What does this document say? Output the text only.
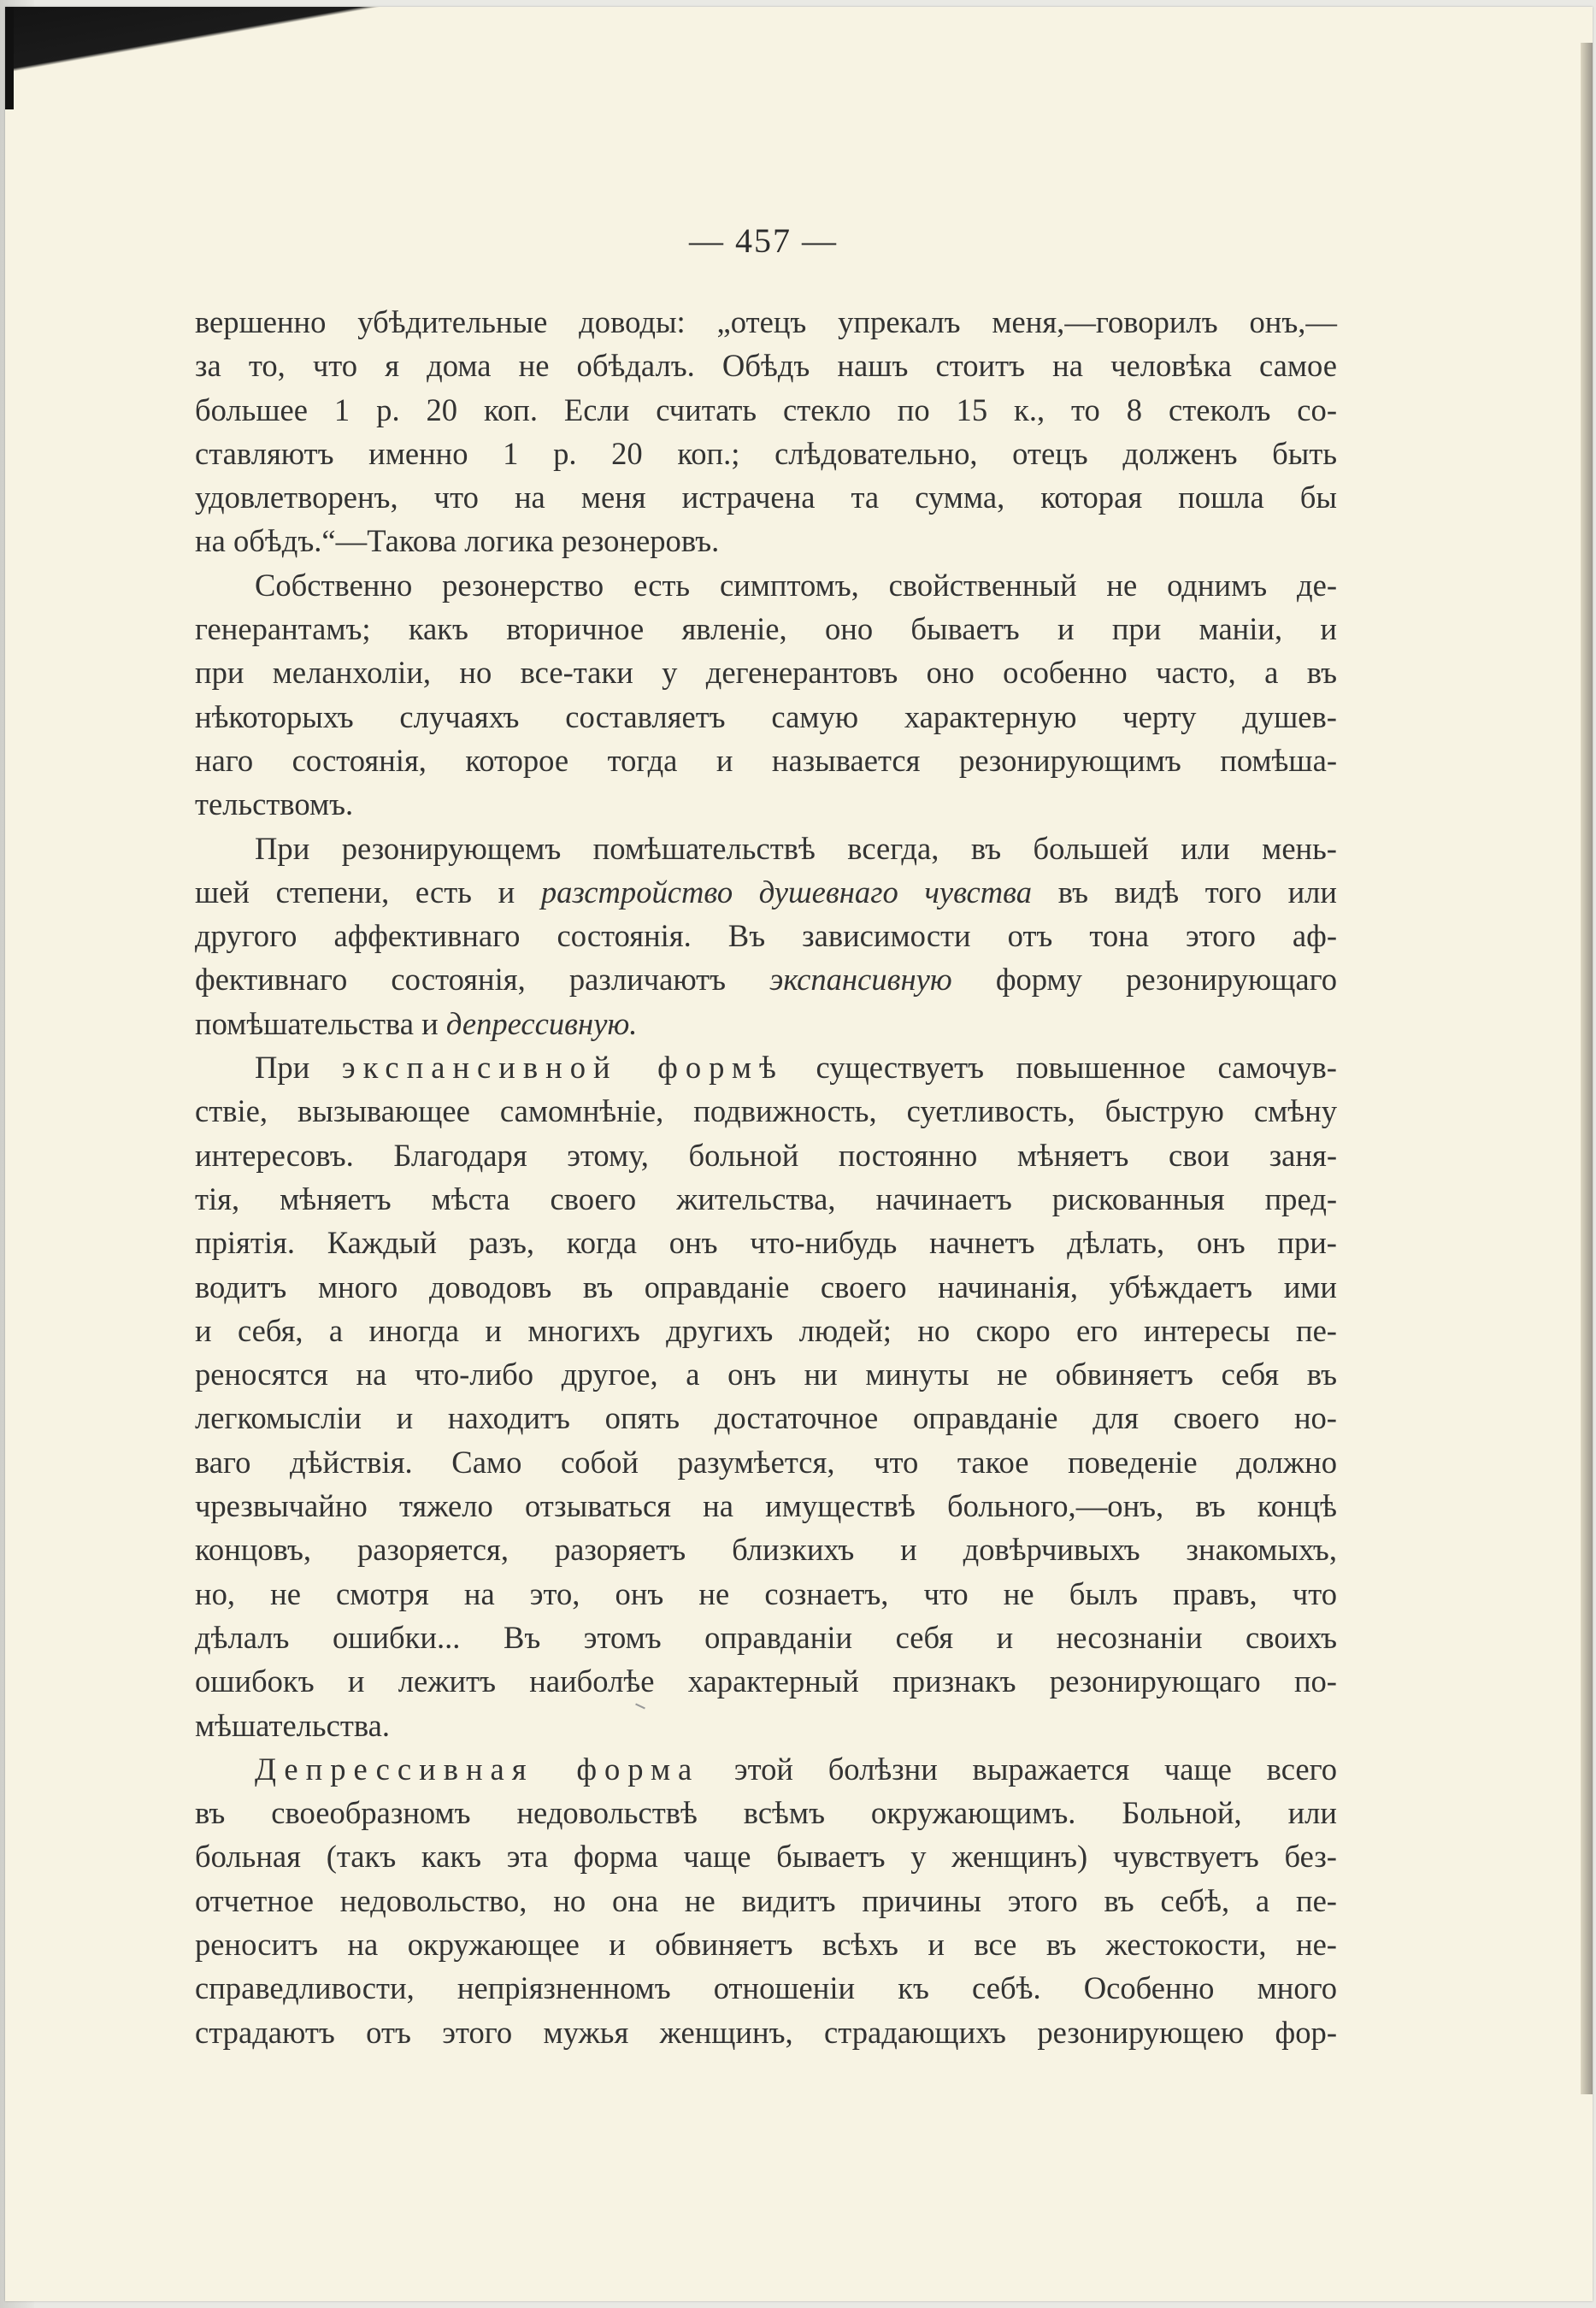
— 457 —
вершенно убѣдительные доводы: „отецъ упрекалъ меня,—говорилъ онъ,—
за то, что я дома не обѣдалъ. Обѣдъ нашъ стоитъ на человѣка самое
большее 1 р. 20 коп. Если считать стекло по 15 к., то 8 стеколъ со-
ставляютъ именно 1 р. 20 коп.; слѣдовательно, отецъ долженъ быть
удовлетворенъ, что на меня истрачена та сумма, которая пошла бы
на обѣдъ.“—Такова логика резонеровъ.
Собственно резонерство есть симптомъ, свойственный не однимъ де-
генерантамъ; какъ вторичное явленіе, оно бываетъ и при маніи, и
при меланхоліи, но все-таки у дегенерантовъ оно особенно часто, а въ
нѣкоторыхъ случаяхъ составляетъ самую характерную черту душев-
наго состоянія, которое тогда и называется резонирующимъ помѣша-
тельствомъ.
При резонирующемъ помѣшательствѣ всегда, въ большей или мень-
шей степени, есть и разстройство душевнаго чувства въ видѣ того или
другого аффективнаго состоянія. Въ зависимости отъ тона этого аф-
фективнаго состоянія, различаютъ экспансивную форму резонирующаго
помѣшательства и депрессивную.
При экспансивной формѣ существуетъ повышенное самочув-
ствіе, вызывающее самомнѣніе, подвижность, суетливость, быструю смѣну
интересовъ. Благодаря этому, больной постоянно мѣняетъ свои заня-
тія, мѣняетъ мѣста своего жительства, начинаетъ рискованныя пред-
пріятія. Каждый разъ, когда онъ что-нибудь начнетъ дѣлать, онъ при-
водитъ много доводовъ въ оправданіе своего начинанія, убѣждаетъ ими
и себя, а иногда и многихъ другихъ людей; но скоро его интересы пе-
реносятся на что-либо другое, а онъ ни минуты не обвиняетъ себя въ
легкомысліи и находитъ опять достаточное оправданіе для своего но-
ваго дѣйствія. Само собой разумѣется, что такое поведеніе должно
чрезвычайно тяжело отзываться на имуществѣ больного,—онъ, въ концѣ
концовъ, разоряется, разоряетъ близкихъ и довѣрчивыхъ знакомыхъ,
но, не смотря на это, онъ не сознаетъ, что не былъ правъ, что
дѣлалъ ошибки... Въ этомъ оправданіи себя и несознаніи своихъ
ошибокъ и лежитъ наиболѣе характерный признакъ резонирующаго по-
мѣшательства.
Депрессивная форма этой болѣзни выражается чаще всего
въ своеобразномъ недовольствѣ всѣмъ окружающимъ. Больной, или
больная (такъ какъ эта форма чаще бываетъ у женщинъ) чувствуетъ без-
отчетное недовольство, но она не видитъ причины этого въ себѣ, а пе-
реноситъ на окружающее и обвиняетъ всѣхъ и все въ жестокости, не-
справедливости, непріязненномъ отношеніи къ себѣ. Особенно много
страдаютъ отъ этого мужья женщинъ, страдающихъ резонирующею фор-
